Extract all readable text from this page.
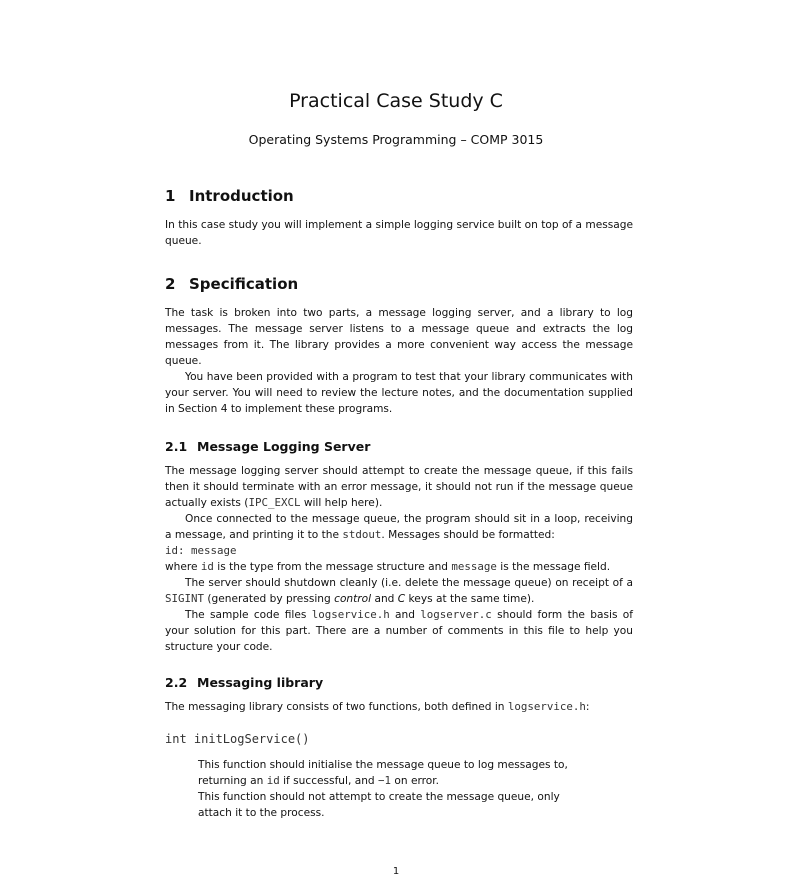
Practical Case Study C
Operating Systems Programming – COMP 3015
1 Introduction

In this case study you will implement a simple logging service built on top of a message queue.

2 Specification

The task is broken into two parts, a message logging server, and a library to log messages. The message server listens to a message queue and extracts the log messages from it. The library provides a more convenient way access the message queue.

You have been provided with a program to test that your library communicates with your server. You will need to review the lecture notes, and the documentation supplied in Section 4 to implement these programs.

2.1 Message Logging Server

The message logging server should attempt to create the message queue, if this fails then it should terminate with an error message, it should not run if the message queue actually exists (IPC_EXCL will help here).

Once connected to the message queue, the program should sit in a loop, receiving a message, and printing it to the stdout. Messages should be formatted:

id: message

where id is the type from the message structure and message is the message field.

The server should shutdown cleanly (i.e. delete the message queue) on receipt of a SIGINT (generated by pressing control and C keys at the same time).

The sample code files logservice.h and logserver.c should form the basis of your solution for this part. There are a number of comments in this file to help you structure your code.

2.2 Messaging library

The messaging library consists of two functions, both defined in logservice.h:

int initLogService()

This function should initialise the message queue to log messages to, returning an id if successful, and −1 on error.

This function should not attempt to create the message queue, only attach it to the process.

1
